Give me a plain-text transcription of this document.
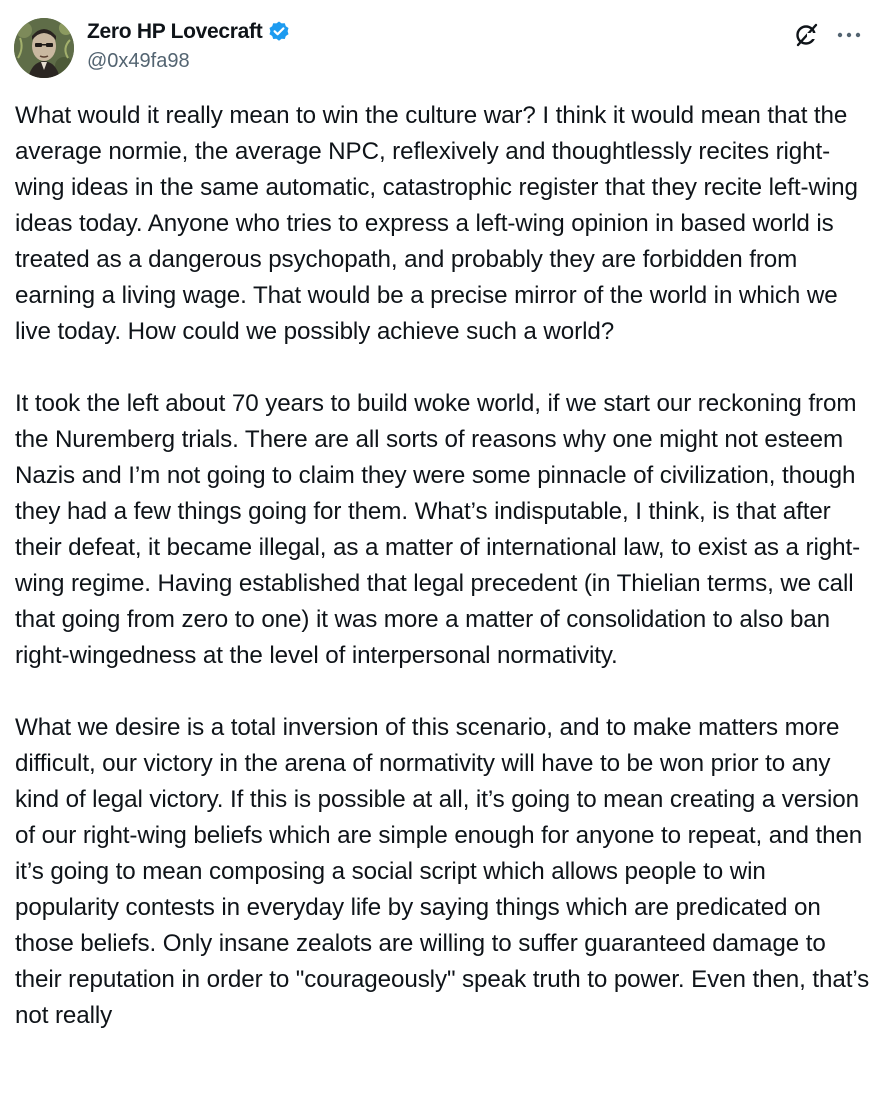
Zero HP Lovecraft
@0x49fa98

What would it really mean to win the culture war? I think it would mean that the average normie, the average NPC, reflexively and thoughtlessly recites right-wing ideas in the same automatic, catastrophic register that they recite left-wing ideas today. Anyone who tries to express a left-wing opinion in based world is treated as a dangerous psychopath, and probably they are forbidden from earning a living wage. That would be a precise mirror of the world in which we live today. How could we possibly achieve such a world?

It took the left about 70 years to build woke world, if we start our reckoning from the Nuremberg trials. There are all sorts of reasons why one might not esteem Nazis and I’m not going to claim they were some pinnacle of civilization, though they had a few things going for them. What’s indisputable, I think, is that after their defeat, it became illegal, as a matter of international law, to exist as a right-wing regime. Having established that legal precedent (in Thielian terms, we call that going from zero to one) it was more a matter of consolidation to also ban right-wingedness at the level of interpersonal normativity.

What we desire is a total inversion of this scenario, and to make matters more difficult, our victory in the arena of normativity will have to be won prior to any kind of legal victory. If this is possible at all, it’s going to mean creating a version of our right-wing beliefs which are simple enough for anyone to repeat, and then it’s going to mean composing a social script which allows people to win popularity contests in everyday life by saying things which are predicated on those beliefs. Only insane zealots are willing to suffer guaranteed damage to their reputation in order to "courageously" speak truth to power. Even then, that’s not really
